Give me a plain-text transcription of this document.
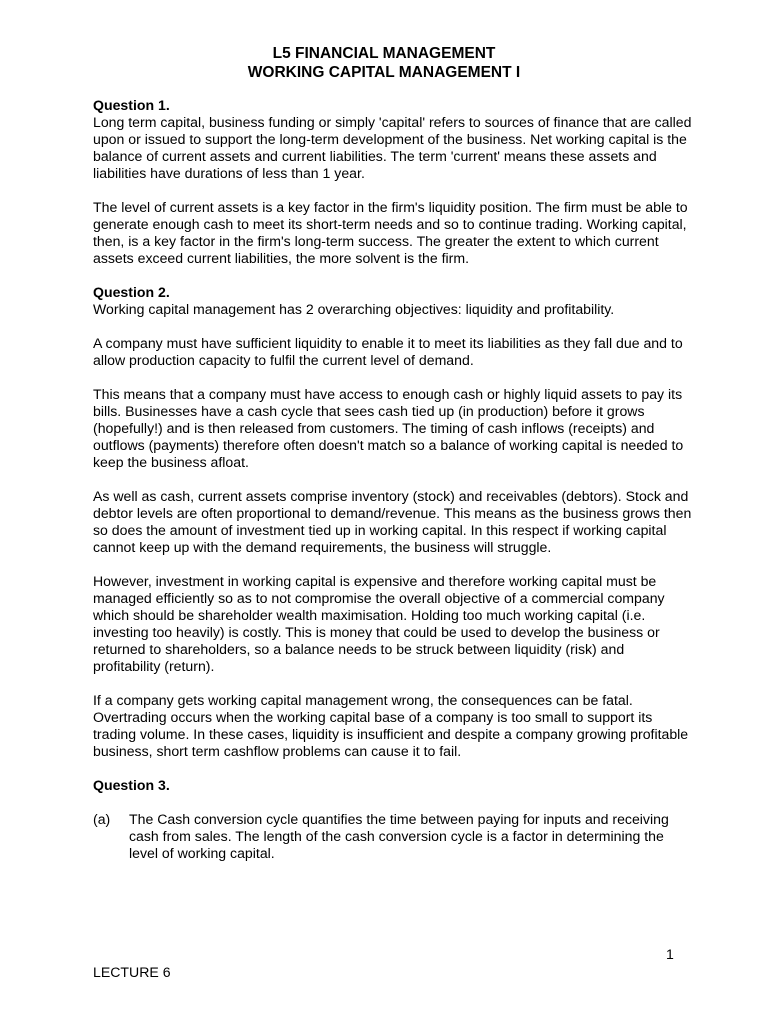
L5 FINANCIAL MANAGEMENT
WORKING CAPITAL MANAGEMENT I

Question 1.

Long term capital, business funding or simply 'capital' refers to sources of finance that are called upon or issued to support the long-term development of the business. Net working capital is the balance of current assets and current liabilities. The term 'current' means these assets and liabilities have durations of less than 1 year.

The level of current assets is a key factor in the firm's liquidity position. The firm must be able to generate enough cash to meet its short-term needs and so to continue trading. Working capital, then, is a key factor in the firm's long-term success. The greater the extent to which current assets exceed current liabilities, the more solvent is the firm.

Question 2.

Working capital management has 2 overarching objectives: liquidity and profitability.

A company must have sufficient liquidity to enable it to meet its liabilities as they fall due and to allow production capacity to fulfil the current level of demand.

This means that a company must have access to enough cash or highly liquid assets to pay its bills. Businesses have a cash cycle that sees cash tied up (in production) before it grows (hopefully!) and is then released from customers. The timing of cash inflows (receipts) and outflows (payments) therefore often doesn't match so a balance of working capital is needed to keep the business afloat.

As well as cash, current assets comprise inventory (stock) and receivables (debtors). Stock and debtor levels are often proportional to demand/revenue. This means as the business grows then so does the amount of investment tied up in working capital. In this respect if working capital cannot keep up with the demand requirements, the business will struggle.

However, investment in working capital is expensive and therefore working capital must be managed efficiently so as to not compromise the overall objective of a commercial company which should be shareholder wealth maximisation. Holding too much working capital (i.e. investing too heavily) is costly. This is money that could be used to develop the business or returned to shareholders, so a balance needs to be struck between liquidity (risk) and profitability (return).

If a company gets working capital management wrong, the consequences can be fatal. Overtrading occurs when the working capital base of a company is too small to support its trading volume. In these cases, liquidity is insufficient and despite a company growing profitable business, short term cashflow problems can cause it to fail.

Question 3.

(a) The Cash conversion cycle quantifies the time between paying for inputs and receiving cash from sales. The length of the cash conversion cycle is a factor in determining the level of working capital.

1
LECTURE 6
